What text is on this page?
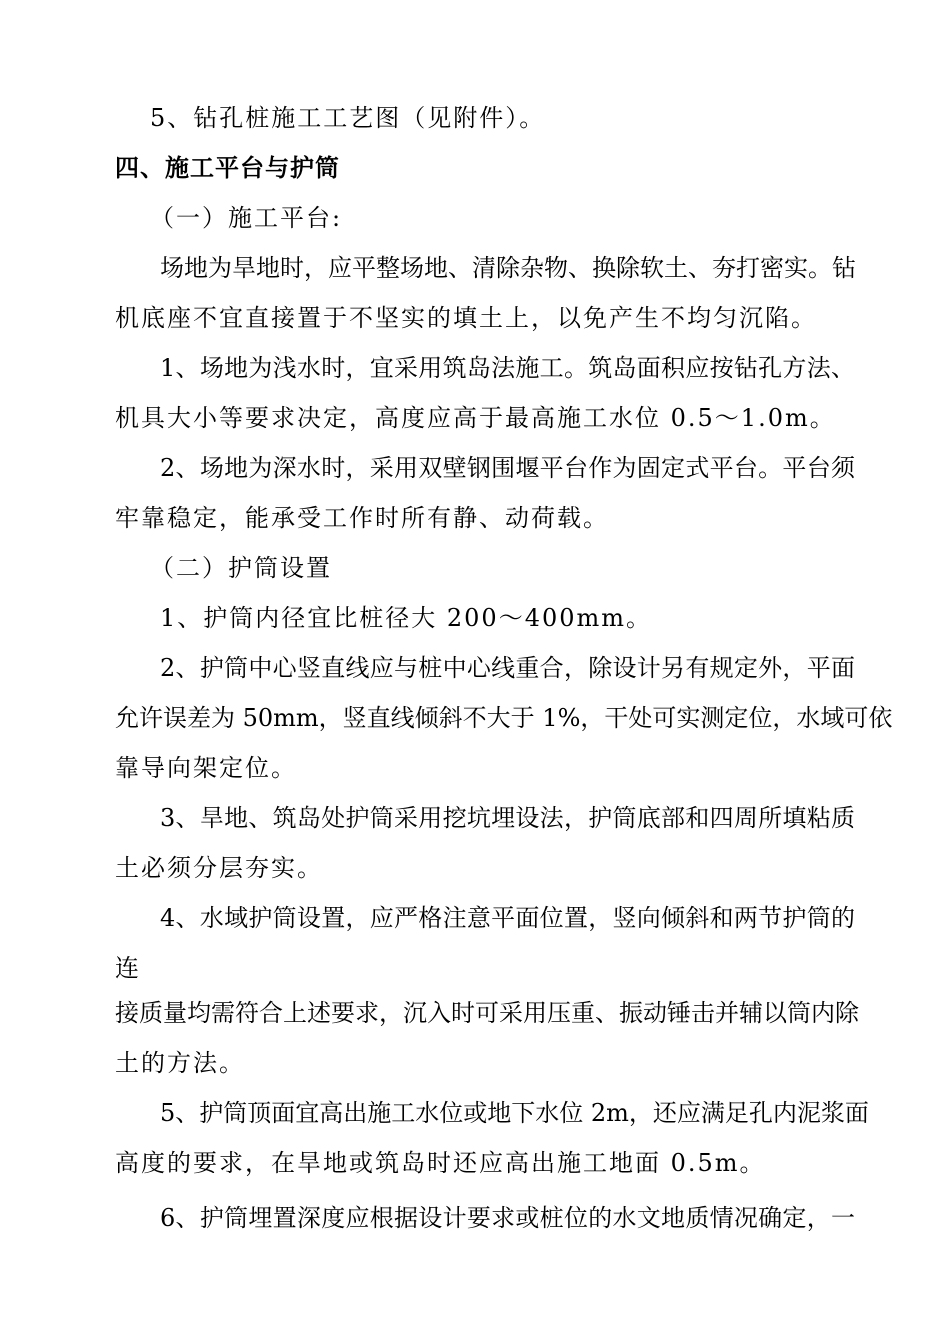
5、钻孔桩施工工艺图（见附件）。
四、施工平台与护筒
（一）施工平台:
场地为旱地时，应平整场地、清除杂物、换除软土、夯打密实。钻
机底座不宜直接置于不坚实的填土上，以免产生不均匀沉陷。
1、场地为浅水时，宜采用筑岛法施工。筑岛面积应按钻孔方法、
机具大小等要求决定，高度应高于最高施工水位 0.5～1.0m。
2、场地为深水时，采用双壁钢围堰平台作为固定式平台。平台须
牢靠稳定，能承受工作时所有静、动荷载。
（二）护筒设置
1、护筒内径宜比桩径大 200～400mm。
2、护筒中心竖直线应与桩中心线重合，除设计另有规定外，平面
允许误差为 50mm，竖直线倾斜不大于 1%，干处可实测定位，水域可依
靠导向架定位。
3、旱地、筑岛处护筒采用挖坑埋设法，护筒底部和四周所填粘质
土必须分层夯实。
4、水域护筒设置，应严格注意平面位置，竖向倾斜和两节护筒的
连
接质量均需符合上述要求，沉入时可采用压重、振动锤击并辅以筒内除
土的方法。
5、护筒顶面宜高出施工水位或地下水位 2m，还应满足孔内泥浆面
高度的要求，在旱地或筑岛时还应高出施工地面 0.5m。
6、护筒埋置深度应根据设计要求或桩位的水文地质情况确定，一
